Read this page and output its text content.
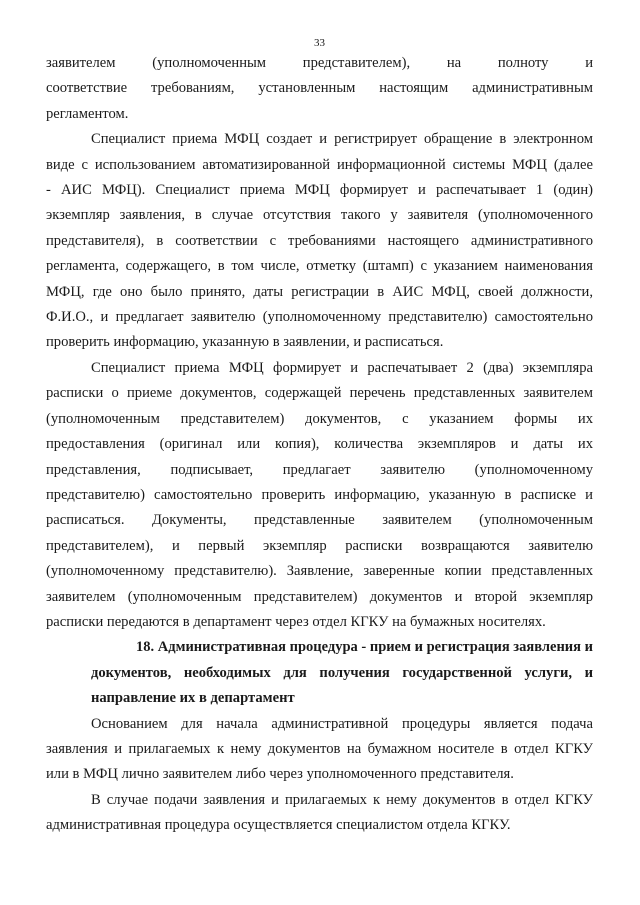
33

заявителем (уполномоченным представителем), на полноту и
соответствие требованиям, установленным настоящим административным
регламентом.

Специалист приема МФЦ создает и регистрирует обращение в электронном
виде с использованием автоматизированной информационной системы МФЦ (далее
- АИС МФЦ). Специалист приема МФЦ формирует и распечатывает 1 (один)
экземпляр заявления, в случае отсутствия такого у заявителя (уполномоченного
представителя), в соответствии с требованиями настоящего административного
регламента, содержащего, в том числе, отметку (штамп) с указанием наименования
МФЦ, где оно было принято, даты регистрации в АИС МФЦ, своей должности,
Ф.И.О., и предлагает заявителю (уполномоченному представителю) самостоятельно
проверить информацию, указанную в заявлении, и расписаться.

Специалист приема МФЦ формирует и распечатывает 2 (два) экземпляра
расписки о приеме документов, содержащей перечень представленных заявителем
(уполномоченным представителем) документов, с указанием формы их
предоставления (оригинал или копия), количества экземпляров и даты их
представления, подписывает, предлагает заявителю (уполномоченному
представителю) самостоятельно проверить информацию, указанную в расписке и
расписаться. Документы, представленные заявителем (уполномоченным
представителем), и первый экземпляр расписки возвращаются заявителю
(уполномоченному представителю). Заявление, заверенные копии представленных
заявителем (уполномоченным представителем) документов и второй экземпляр
расписки передаются в департамент через отдел КГКУ на бумажных носителях.

18. Административная процедура - прием и регистрация заявления и
документов, необходимых для получения государственной услуги, и
направление их в департамент

Основанием для начала административной процедуры является подача
заявления и прилагаемых к нему документов на бумажном носителе в отдел КГКУ
или в МФЦ лично заявителем либо через уполномоченного представителя.

В случае подачи заявления и прилагаемых к нему документов в отдел КГКУ
административная процедура осуществляется специалистом отдела КГКУ.
